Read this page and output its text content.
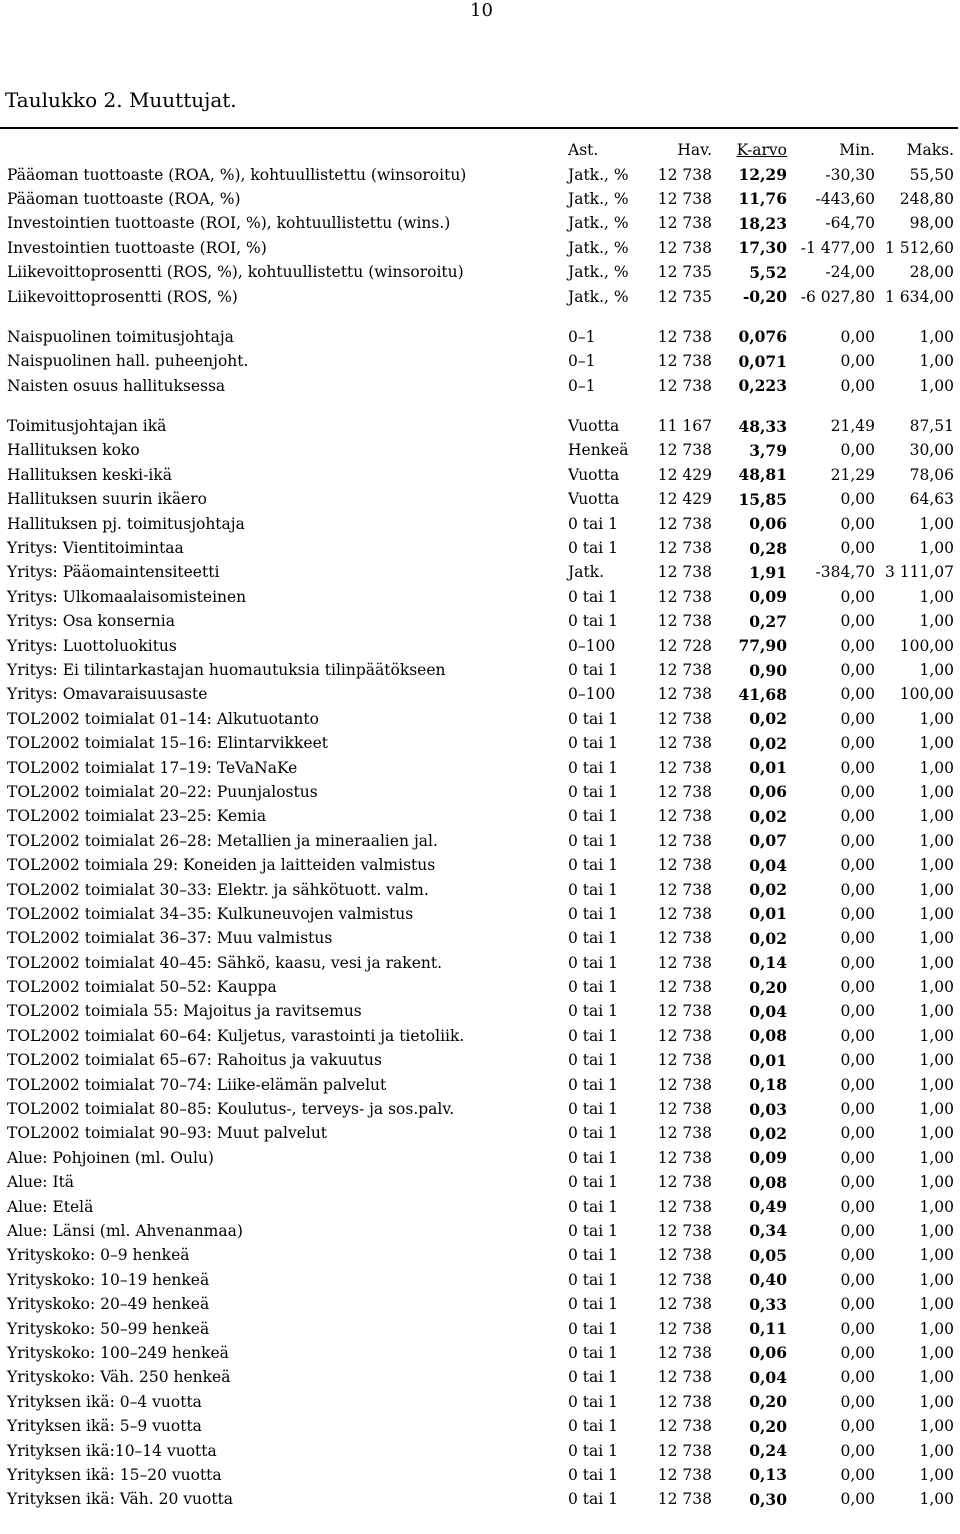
10
Taulukko 2. Muuttujat.
	Ast.	Hav.	K-arvo	Min.	Maks.
Pääoman tuottoaste (ROA, %), kohtuullistettu (winsoroitu)	Jatk., %	12 738	12,29	-30,30	55,50
Pääoman tuottoaste (ROA, %)	Jatk., %	12 738	11,76	-443,60	248,80
Investointien tuottoaste (ROI, %), kohtuullistettu (wins.)	Jatk., %	12 738	18,23	-64,70	98,00
Investointien tuottoaste (ROI, %)	Jatk., %	12 738	17,30	-1 477,00	1 512,60
Liikevoittoprosentti (ROS, %), kohtuullistettu (winsoroitu)	Jatk., %	12 735	5,52	-24,00	28,00
Liikevoittoprosentti (ROS, %)	Jatk., %	12 735	-0,20	-6 027,80	1 634,00

Naispuolinen toimitusjohtaja	0–1	12 738	0,076	0,00	1,00
Naispuolinen hall. puheenjoht.	0–1	12 738	0,071	0,00	1,00
Naisten osuus hallituksessa	0–1	12 738	0,223	0,00	1,00

Toimitusjohtajan ikä	Vuotta	11 167	48,33	21,49	87,51
Hallituksen koko	Henkeä	12 738	3,79	0,00	30,00
Hallituksen keski-ikä	Vuotta	12 429	48,81	21,29	78,06
Hallituksen suurin ikäero	Vuotta	12 429	15,85	0,00	64,63
Hallituksen pj. toimitusjohtaja	0 tai 1	12 738	0,06	0,00	1,00
Yritys: Vientitoimintaa	0 tai 1	12 738	0,28	0,00	1,00
Yritys: Pääomaintensiteetti	Jatk.	12 738	1,91	-384,70	3 111,07
Yritys: Ulkomaalaisomisteinen	0 tai 1	12 738	0,09	0,00	1,00
Yritys: Osa konsernia	0 tai 1	12 738	0,27	0,00	1,00
Yritys: Luottoluokitus	0–100	12 728	77,90	0,00	100,00
Yritys: Ei tilintarkastajan huomautuksia tilinpäätökseen	0 tai 1	12 738	0,90	0,00	1,00
Yritys: Omavaraisuusaste	0–100	12 738	41,68	0,00	100,00
TOL2002 toimialat 01–14: Alkutuotanto	0 tai 1	12 738	0,02	0,00	1,00
TOL2002 toimialat 15–16: Elintarvikkeet	0 tai 1	12 738	0,02	0,00	1,00
TOL2002 toimialat 17–19: TeVaNaKe	0 tai 1	12 738	0,01	0,00	1,00
TOL2002 toimialat 20–22: Puunjalostus	0 tai 1	12 738	0,06	0,00	1,00
TOL2002 toimialat 23–25: Kemia	0 tai 1	12 738	0,02	0,00	1,00
TOL2002 toimialat 26–28: Metallien ja mineraalien jal.	0 tai 1	12 738	0,07	0,00	1,00
TOL2002 toimiala 29: Koneiden ja laitteiden valmistus	0 tai 1	12 738	0,04	0,00	1,00
TOL2002 toimialat 30–33: Elektr. ja sähkötuott. valm.	0 tai 1	12 738	0,02	0,00	1,00
TOL2002 toimialat 34–35: Kulkuneuvojen valmistus	0 tai 1	12 738	0,01	0,00	1,00
TOL2002 toimialat 36–37: Muu valmistus	0 tai 1	12 738	0,02	0,00	1,00
TOL2002 toimialat 40–45: Sähkö, kaasu, vesi ja rakent.	0 tai 1	12 738	0,14	0,00	1,00
TOL2002 toimialat 50–52: Kauppa	0 tai 1	12 738	0,20	0,00	1,00
TOL2002 toimiala 55: Majoitus ja ravitsemus	0 tai 1	12 738	0,04	0,00	1,00
TOL2002 toimialat 60–64: Kuljetus, varastointi ja tietoliik.	0 tai 1	12 738	0,08	0,00	1,00
TOL2002 toimialat 65–67: Rahoitus ja vakuutus	0 tai 1	12 738	0,01	0,00	1,00
TOL2002 toimialat 70–74: Liike-elämän palvelut	0 tai 1	12 738	0,18	0,00	1,00
TOL2002 toimialat 80–85: Koulutus-, terveys- ja sos.palv.	0 tai 1	12 738	0,03	0,00	1,00
TOL2002 toimialat 90–93: Muut palvelut	0 tai 1	12 738	0,02	0,00	1,00
Alue: Pohjoinen (ml. Oulu)	0 tai 1	12 738	0,09	0,00	1,00
Alue: Itä	0 tai 1	12 738	0,08	0,00	1,00
Alue: Etelä	0 tai 1	12 738	0,49	0,00	1,00
Alue: Länsi (ml. Ahvenanmaa)	0 tai 1	12 738	0,34	0,00	1,00
Yrityskoko: 0–9 henkeä	0 tai 1	12 738	0,05	0,00	1,00
Yrityskoko: 10–19 henkeä	0 tai 1	12 738	0,40	0,00	1,00
Yrityskoko: 20–49 henkeä	0 tai 1	12 738	0,33	0,00	1,00
Yrityskoko: 50–99 henkeä	0 tai 1	12 738	0,11	0,00	1,00
Yrityskoko: 100–249 henkeä	0 tai 1	12 738	0,06	0,00	1,00
Yrityskoko: Väh. 250 henkeä	0 tai 1	12 738	0,04	0,00	1,00
Yrityksen ikä: 0–4 vuotta	0 tai 1	12 738	0,20	0,00	1,00
Yrityksen ikä: 5–9 vuotta	0 tai 1	12 738	0,20	0,00	1,00
Yrityksen ikä:10–14 vuotta	0 tai 1	12 738	0,24	0,00	1,00
Yrityksen ikä: 15–20 vuotta	0 tai 1	12 738	0,13	0,00	1,00
Yrityksen ikä: Väh. 20 vuotta	0 tai 1	12 738	0,30	0,00	1,00
